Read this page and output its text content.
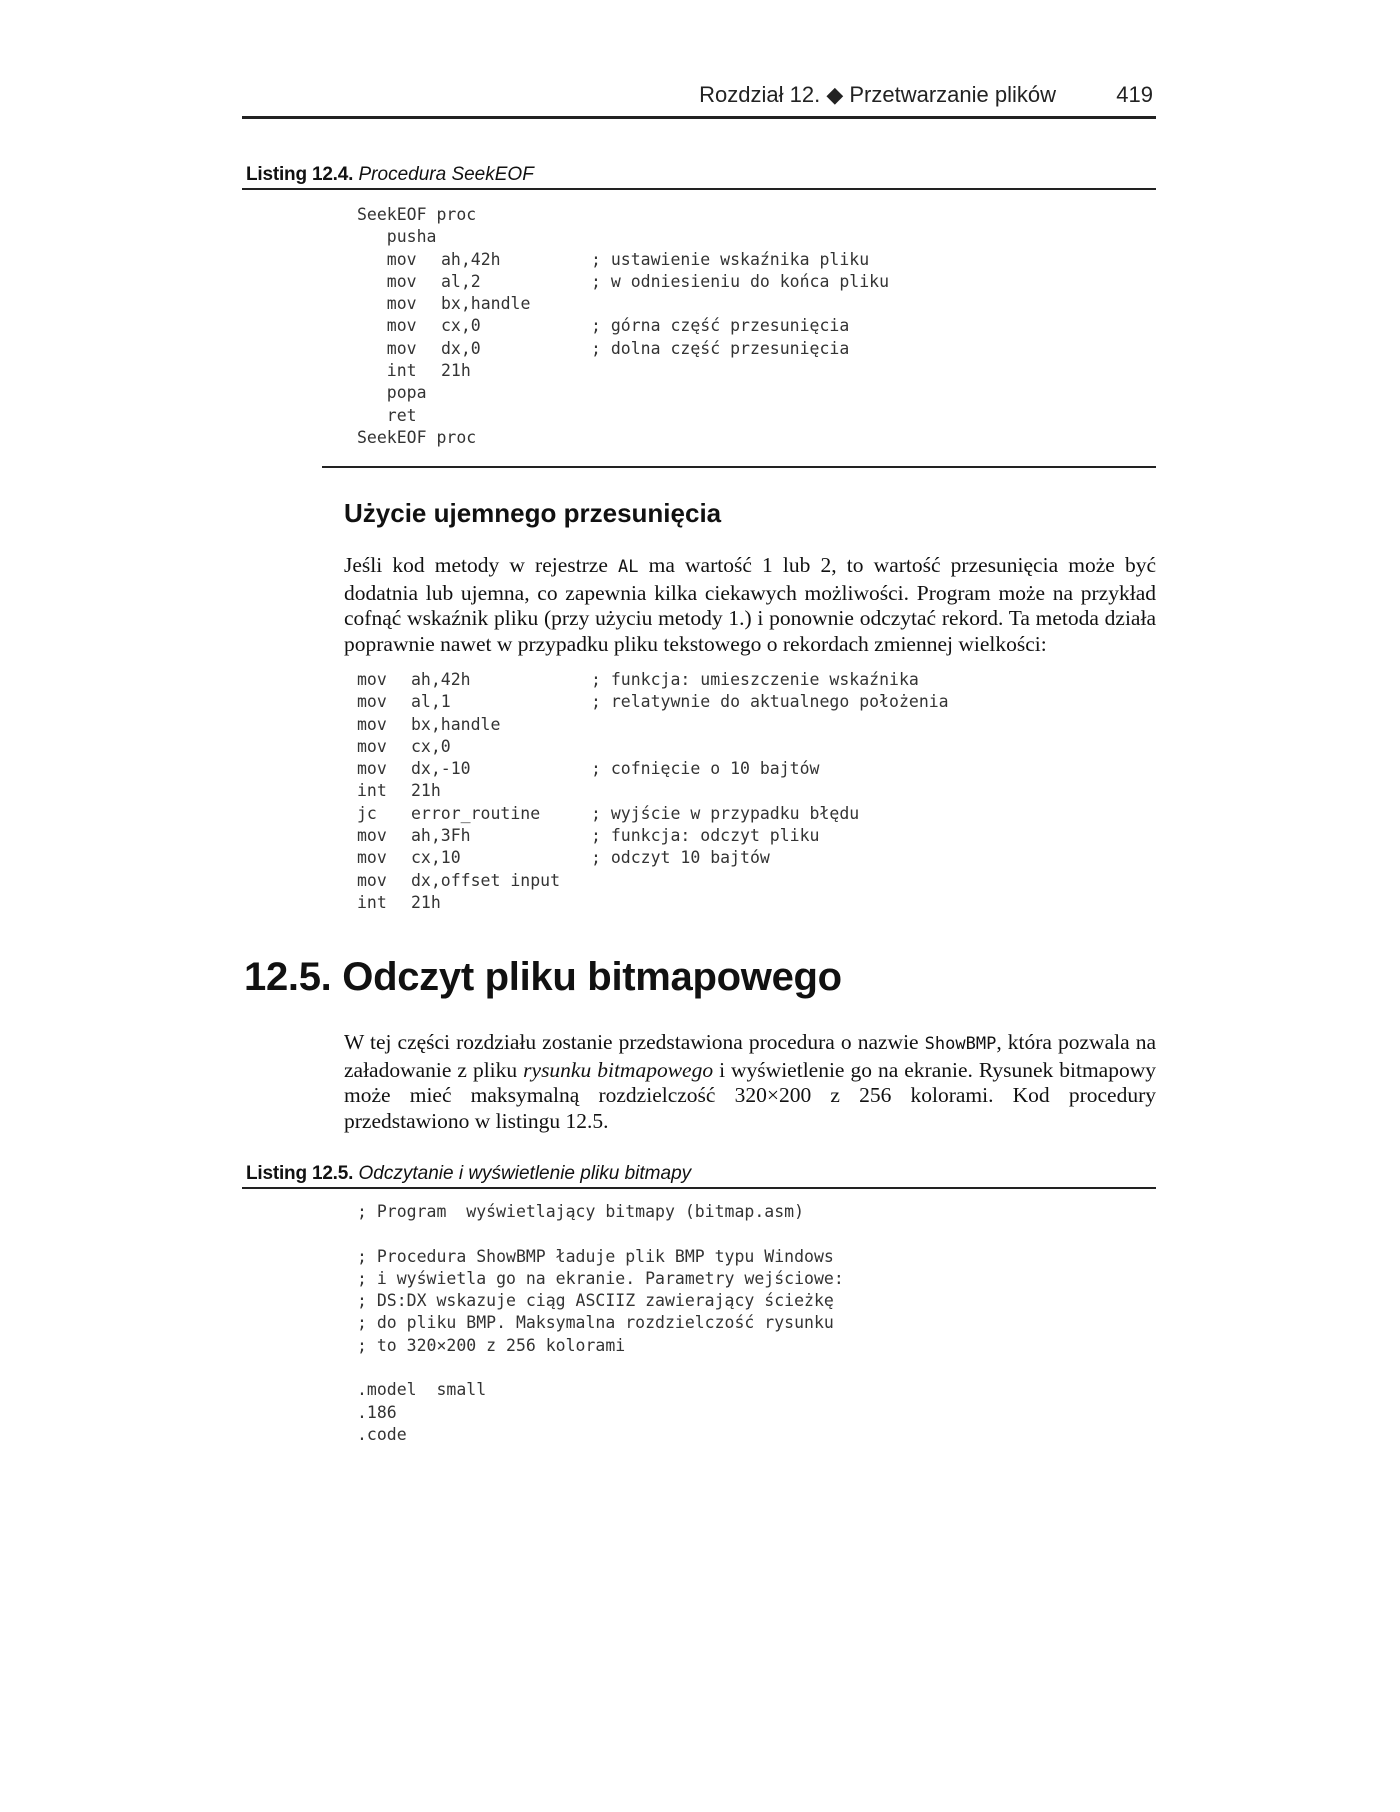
Rozdział 12. ◆ Przetwarzanie plików	419
Listing 12.4. Procedura SeekEOF
SeekEOF proc
pusha
mov ah,42h	; ustawienie wskaźnika pliku
mov al,2	; w odniesieniu do końca pliku
mov bx,handle
mov cx,0	; górna część przesunięcia
mov dx,0	; dolna część przesunięcia
int 21h
popa
ret
SeekEOF proc
Użycie ujemnego przesunięcia

Jeśli kod metody w rejestrze AL ma wartość 1 lub 2, to wartość przesunięcia może być dodatnia lub ujemna, co zapewnia kilka ciekawych możliwości. Program może na przykład cofnąć wskaźnik pliku (przy użyciu metody 1.) i ponownie odczytać rekord. Ta metoda działa poprawnie nawet w przypadku pliku tekstowego o rekordach zmiennej wielkości:

mov ah,42h	; funkcja: umieszczenie wskaźnika
mov al,1	; relatywnie do aktualnego położenia
mov bx,handle
mov cx,0
mov dx,-10	; cofnięcie o 10 bajtów
int 21h
jc error_routine	; wyjście w przypadku błędu
mov ah,3Fh	; funkcja: odczyt pliku
mov cx,10	; odczyt 10 bajtów
mov dx,offset input
int 21h
12.5. Odczyt pliku bitmapowego

W tej części rozdziału zostanie przedstawiona procedura o nazwie ShowBMP, która pozwala na załadowanie z pliku rysunku bitmapowego i wyświetlenie go na ekranie. Rysunek bitmapowy może mieć maksymalną rozdzielczość 320×200 z 256 kolorami. Kod procedury przedstawiono w listingu 12.5.

Listing 12.5. Odczytanie i wyświetlenie pliku bitmapy
; Program  wyświetlający bitmapy (bitmap.asm)
; Procedura ShowBMP ładuje plik BMP typu Windows
; i wyświetla go na ekranie. Parametry wejściowe:
; DS:DX wskazuje ciąg ASCIIZ zawierający ścieżkę
; do pliku BMP. Maksymalna rozdzielczość rysunku
; to 320×200 z 256 kolorami
.model  small
.186
.code
